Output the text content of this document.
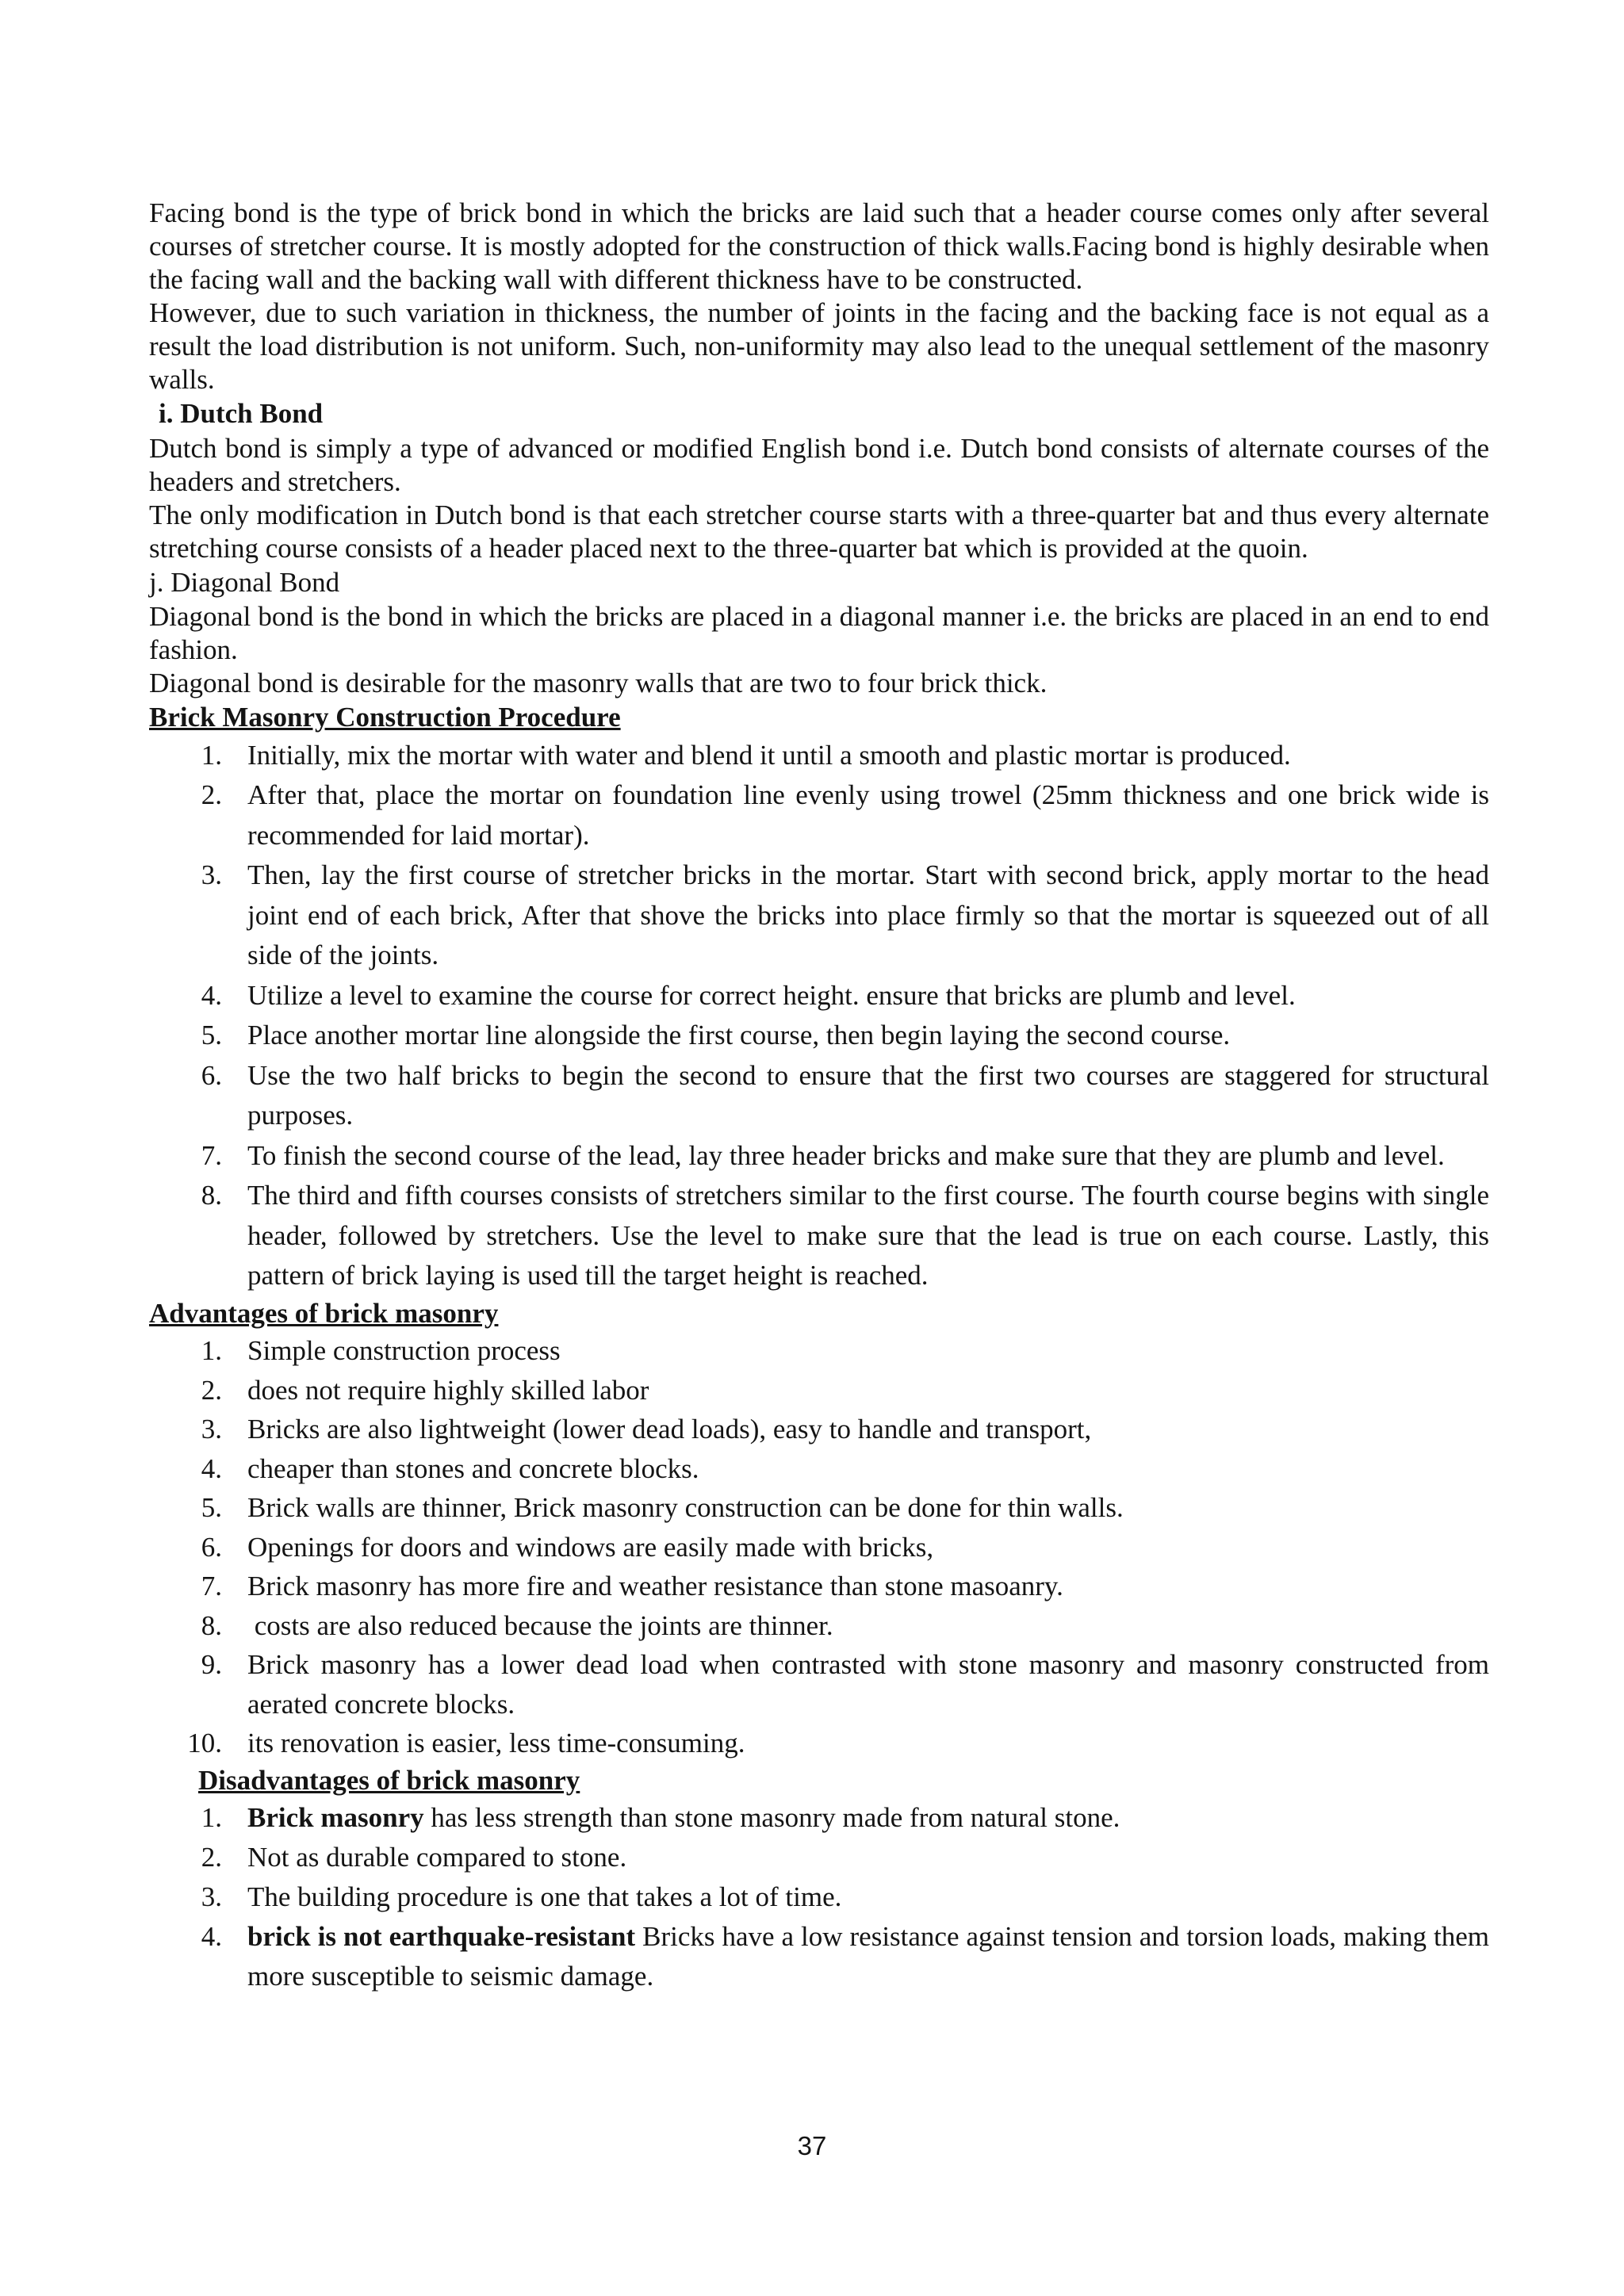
Facing bond is the type of brick bond in which the bricks are laid such that a header course comes only after several courses of stretcher course. It is mostly adopted for the construction of thick walls.Facing bond is highly desirable when the facing wall and the backing wall with different thickness have to be constructed.

However, due to such variation in thickness, the number of joints in the facing and the backing face is not equal as a result the load distribution is not uniform. Such, non-uniformity may also lead to the unequal settlement of the masonry walls.

i. Dutch Bond

Dutch bond is simply a type of advanced or modified English bond i.e. Dutch bond consists of alternate courses of the headers and stretchers.

The only modification in Dutch bond is that each stretcher course starts with a three-quarter bat and thus every alternate stretching course consists of a header placed next to the three-quarter bat which is provided at the quoin.

j. Diagonal Bond

Diagonal bond is the bond in which the bricks are placed in a diagonal manner i.e. the bricks are placed in an end to end fashion.

Diagonal bond is desirable for the masonry walls that are two to four brick thick.

Brick Masonry Construction Procedure
1. Initially, mix the mortar with water and blend it until a smooth and plastic mortar is produced.
2. After that, place the mortar on foundation line evenly using trowel (25mm thickness and one brick wide is recommended for laid mortar).
3. Then, lay the first course of stretcher bricks in the mortar. Start with second brick, apply mortar to the head joint end of each brick, After that shove the bricks into place firmly so that the mortar is squeezed out of all side of the joints.
4. Utilize a level to examine the course for correct height. ensure that bricks are plumb and level.
5. Place another mortar line alongside the first course, then begin laying the second course.
6. Use the two half bricks to begin the second to ensure that the first two courses are staggered for structural purposes.
7. To finish the second course of the lead, lay three header bricks and make sure that they are plumb and level.
8. The third and fifth courses consists of stretchers similar to the first course. The fourth course begins with single header, followed by stretchers. Use the level to make sure that the lead is true on each course. Lastly, this pattern of brick laying is used till the target height is reached.
Advantages of brick masonry
1. Simple construction process
2. does not require highly skilled labor
3. Bricks are also lightweight (lower dead loads), easy to handle and transport,
4. cheaper than stones and concrete blocks.
5. Brick walls are thinner, Brick masonry construction can be done for thin walls.
6. Openings for doors and windows are easily made with bricks,
7. Brick masonry has more fire and weather resistance than stone masoanry.
8. costs are also reduced because the joints are thinner.
9. Brick masonry has a lower dead load when contrasted with stone masonry and masonry constructed from aerated concrete blocks.
10. its renovation is easier, less time-consuming.
Disadvantages of brick masonry
1. Brick masonry has less strength than stone masonry made from natural stone.
2. Not as durable compared to stone.
3. The building procedure is one that takes a lot of time.
4. brick is not earthquake-resistant Bricks have a low resistance against tension and torsion loads, making them more susceptible to seismic damage.
37
